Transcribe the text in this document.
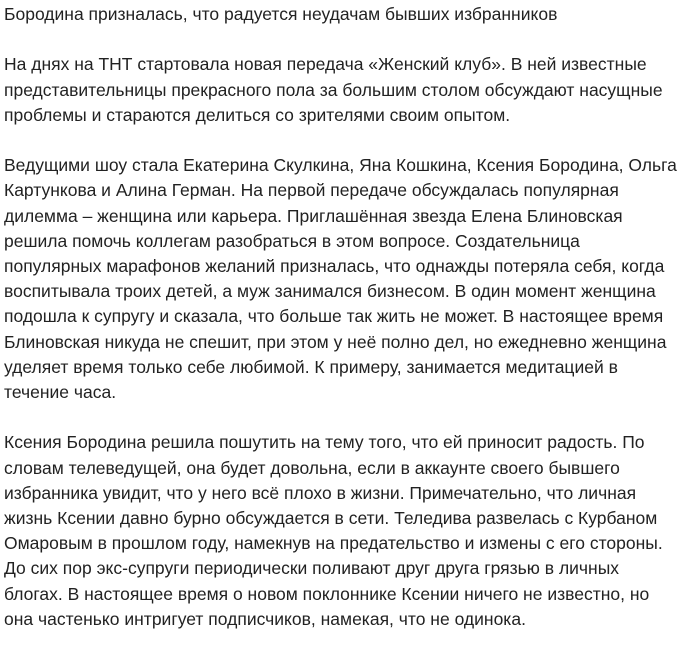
Бородина призналась, что радуется неудачам бывших избранников
На днях на ТНТ стартовала новая передача «Женский клуб». В ней известные
представительницы прекрасного пола за большим столом обсуждают насущные
проблемы и стараются делиться со зрителями своим опытом.
Ведущими шоу стала Екатерина Скулкина, Яна Кошкина, Ксения Бородина, Ольга
Картункова и Алина Герман. На первой передаче обсуждалась популярная
дилемма – женщина или карьера. Приглашённая звезда Елена Блиновская
решила помочь коллегам разобраться в этом вопросе. Создательница
популярных марафонов желаний призналась, что однажды потеряла себя, когда
воспитывала троих детей, а муж занимался бизнесом. В один момент женщина
подошла к супругу и сказала, что больше так жить не может. В настоящее время
Блиновская никуда не спешит, при этом у неё полно дел, но ежедневно женщина
уделяет время только себе любимой. К примеру, занимается медитацией в
течение часа.
Ксения Бородина решила пошутить на тему того, что ей приносит радость. По
словам телеведущей, она будет довольна, если в аккаунте своего бывшего
избранника увидит, что у него всё плохо в жизни. Примечательно, что личная
жизнь Ксении давно бурно обсуждается в сети. Теледива развелась с Курбаном
Омаровым в прошлом году, намекнув на предательство и измены с его стороны.
До сих пор экс-супруги периодически поливают друг друга грязью в личных
блогах. В настоящее время о новом поклоннике Ксении ничего не известно, но
она частенько интригует подписчиков, намекая, что не одинока.
